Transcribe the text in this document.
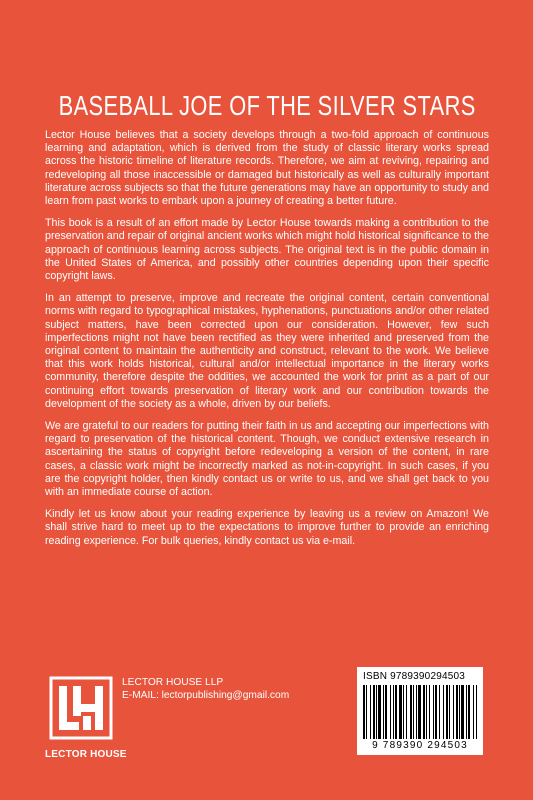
BASEBALL JOE OF THE SILVER STARS

Lector House believes that a society develops through a two-fold approach of continuous learning and adaptation, which is derived from the study of classic literary works spread across the historic timeline of literature records. Therefore, we aim at reviving, repairing and redeveloping all those inaccessible or damaged but historically as well as culturally important literature across subjects so that the future generations may have an opportunity to study and learn from past works to embark upon a journey of creating a better future.

This book is a result of an effort made by Lector House towards making a contribution to the preservation and repair of original ancient works which might hold historical significance to the approach of continuous learning across subjects. The original text is in the public domain in the United States of America, and possibly other countries depending upon their specific copyright laws.

In an attempt to preserve, improve and recreate the original content, certain conventional norms with regard to typographical mistakes, hyphenations, punctuations and/or other related subject matters, have been corrected upon our consideration. However, few such imperfections might not have been rectified as they were inherited and preserved from the original content to maintain the authenticity and construct, relevant to the work. We believe that this work holds historical, cultural and/or intellectual importance in the literary works community, therefore despite the oddities, we accounted the work for print as a part of our continuing effort towards preservation of literary work and our contribution towards the development of the society as a whole, driven by our beliefs.

We are grateful to our readers for putting their faith in us and accepting our imperfections with regard to preservation of the historical content. Though, we conduct extensive research in ascertaining the status of copyright before redeveloping a version of the content, in rare cases, a classic work might be incorrectly marked as not-in-copyright. In such cases, if you are the copyright holder, then kindly contact us or write to us, and we shall get back to you with an immediate course of action.

Kindly let us know about your reading experience by leaving us a review on Amazon! We shall strive hard to meet up to the expectations to improve further to provide an enriching reading experience. For bulk queries, kindly contact us via e-mail.

LECTOR HOUSE
LECTOR HOUSE LLP
E-MAIL: lectorpublishing@gmail.com
ISBN 9789390294503
9 789390 294503
